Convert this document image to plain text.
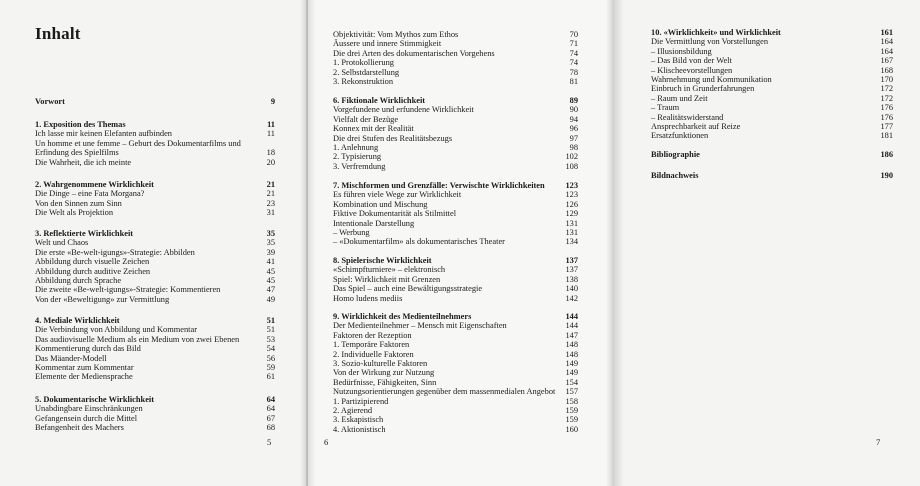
Inhalt
5
Vorwort	9
1. Exposition des Themas	11
Ich lasse mir keinen Elefanten aufbinden	11
Un homme et une femme – Geburt des Dokumentarfilms und
Erfindung des Spielfilms	18
Die Wahrheit, die ich meinte	20
2. Wahrgenommene Wirklichkeit	21
Die Dinge – eine Fata Morgana?	21
Von den Sinnen zum Sinn	23
Die Welt als Projektion	31
3. Reflektierte Wirklichkeit	35
Welt und Chaos	35
Die erste «Be-welt-igungs»-Strategie: Abbilden	39
Abbildung durch visuelle Zeichen	41
Abbildung durch auditive Zeichen	45
Abbildung durch Sprache	45
Die zweite «Be-welt-igungs»-Strategie: Kommentieren	47
Von der «Beweltigung» zur Vermittlung	49
4. Mediale Wirklichkeit	51
Die Verbindung von Abbildung und Kommentar	51
Das audiovisuelle Medium als ein Medium von zwei Ebenen	53
Kommentierung durch das Bild	54
Das Mäander-Modell	56
Kommentar zum Kommentar	59
Elemente der Mediensprache	61
5. Dokumentarische Wirklichkeit	64
Unabdingbare Einschränkungen	64
Gefangensein durch die Mittel	67
Befangenheit des Machers	68
6
Objektivität: Vom Mythos zum Ethos	70
Äussere und innere Stimmigkeit	71
Die drei Arten des dokumentarischen Vorgehens	74
1. Protokollierung	74
2. Selbstdarstellung	78
3. Rekonstruktion	81
6. Fiktionale Wirklichkeit	89
Vorgefundene und erfundene Wirklichkeit	90
Vielfalt der Bezüge	94
Konnex mit der Realität	96
Die drei Stufen des Realitätsbezugs	97
1. Anlehnung	98
2. Typisierung	102
3. Verfremdung	108
7. Mischformen und Grenzfälle: Verwischte Wirklichkeiten 123
Es führen viele Wege zur Wirklichkeit	123
Kombination und Mischung	126
Fiktive Dokumentarität als Stilmittel	129
Intentionale Darstellung	131
– Werbung	131
– «Dokumentarfilm» als dokumentarisches Theater	134
8. Spielerische Wirklichkeit	137
«Schimpfturniere» – elektronisch	137
Spiel: Wirklichkeit mit Grenzen	138
Das Spiel – auch eine Bewältigungsstrategie	140
Homo ludens mediis	142
9. Wirklichkeit des Medienteilnehmers	144
Der Medienteilnehmer – Mensch mit Eigenschaften	144
Faktoren der Rezeption	147
1. Temporäre Faktoren	148
2. Individuelle Faktoren	148
3. Sozio-kulturelle Faktoren	149
Von der Wirkung zur Nutzung	149
Bedürfnisse, Fähigkeiten, Sinn	154
Nutzungsorientierungen gegenüber dem massenmedialen Angebot 157
1. Partizipierend	158
2. Agierend	159
3. Eskapistisch	159
4. Aktionistisch	160
7
10. «Wirklichkeit» und Wirklichkeit	161
Die Vermittlung von Vorstellungen	164
– Illusionsbildung	164
– Das Bild von der Welt	167
– Klischeevorstellungen	168
Wahrnehmung und Kommunikation	170
Einbruch in Grunderfahrungen	172
– Raum und Zeit	172
– Traum	176
– Realitätswiderstand	176
Ansprechbarkeit auf Reize	177
Ersatzfunktionen	181
Bibliographie	186
Bildnachweis	190
